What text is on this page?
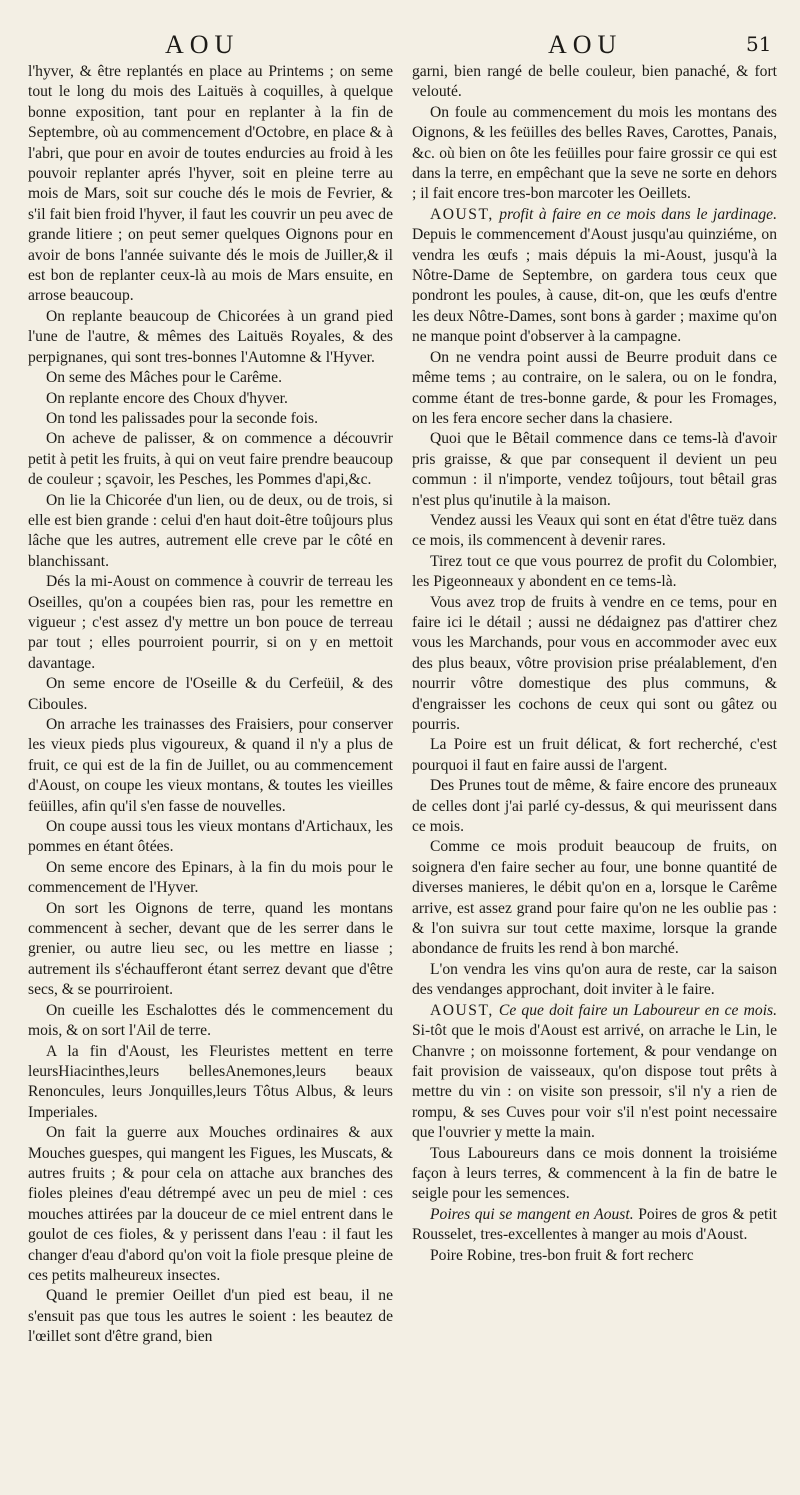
AOU	AOU	51

l'hyver, & être replantés en place au Printems ; on seme tout le long du mois des Laituës à coquilles, à quelque bonne exposition, tant pour en replanter à la fin de Septembre, où au commencement d'Octobre, en place & à l'abri, que pour en avoir de toutes endurcies au froid à les pouvoir replanter aprés l'hyver, soit en pleine terre au mois de Mars, soit sur couche dés le mois de Fevrier, & s'il fait bien froid l'hyver, il faut les couvrir un peu avec de grande litiere ; on peut semer quelques Oignons pour en avoir de bons l'année suivante dés le mois de Juiller,& il est bon de replanter ceux-là au mois de Mars ensuite, en arrose beaucoup.

On replante beaucoup de Chicorées à un grand pied l'une de l'autre, & mêmes des Laituës Royales, & des perpignanes, qui sont tres-bonnes l'Automne & l'Hyver.

On seme des Mâches pour le Carême.

On replante encore des Choux d'hyver.

On tond les palissades pour la seconde fois.

On acheve de palisser, & on commence a découvrir petit à petit les fruits, à qui on veut faire prendre beaucoup de couleur ; sçavoir, les Pesches, les Pommes d'api,&c.

On lie la Chicorée d'un lien, ou de deux, ou de trois, si elle est bien grande : celui d'en haut doit-être toûjours plus lâche que les autres, autrement elle creve par le côté en blanchissant.

Dés la mi-Aoust on commence à couvrir de terreau les Oseilles, qu'on a coupées bien ras, pour les remettre en vigueur ; c'est assez d'y mettre un bon pouce de terreau par tout ; elles pourroient pourrir, si on y en mettoit davantage.

On seme encore de l'Oseille & du Cerfeüil, & des Ciboules.

On arrache les trainasses des Fraisiers, pour conserver les vieux pieds plus vigoureux, & quand il n'y a plus de fruit, ce qui est de la fin de Juillet, ou au commencement d'Aoust, on coupe les vieux montans, & toutes les vieilles feüilles, afin qu'il s'en fasse de nouvelles.

On coupe aussi tous les vieux montans d'Artichaux, les pommes en étant ôtées.

On seme encore des Epinars, à la fin du mois pour le commencement de l'Hyver.

On sort les Oignons de terre, quand les montans commencent à secher, devant que de les serrer dans le grenier, ou autre lieu sec, ou les mettre en liasse ; autrement ils s'échaufferont étant serrez devant que d'être secs, & se pourriroient.

On cueille les Eschalottes dés le commencement du mois, & on sort l'Ail de terre.

A la fin d'Aoust, les Fleuristes mettent en terre leursHiacinthes,leurs bellesAnemones,leurs beaux Renoncules, leurs Jonquilles,leurs Tôtus Albus, & leurs Imperiales.

On fait la guerre aux Mouches ordinaires & aux Mouches guespes, qui mangent les Figues, les Muscats, & autres fruits ; & pour cela on attache aux branches des fioles pleines d'eau détrempé avec un peu de miel : ces mouches attirées par la douceur de ce miel entrent dans le goulot de ces fioles, & y perissent dans l'eau : il faut les changer d'eau d'abord qu'on voit la fiole presque pleine de ces petits malheureux insectes.

Quand le premier Oeillet d'un pied est beau, il ne s'ensuit pas que tous les autres le soient : les beautez de l'œillet sont d'être grand, bien

garni, bien rangé de belle couleur, bien panaché, & fort velouté.

On foule au commencement du mois les montans des Oignons, & les feüilles des belles Raves, Carottes, Panais, &c. où bien on ôte les feüilles pour faire grossir ce qui est dans la terre, en empêchant que la seve ne sorte en dehors ; il fait encore tres-bon marcoter les Oeillets.

AOUST, profit à faire en ce mois dans le jardinage. Depuis le commencement d'Aoust jusqu'au quinziéme, on vendra les œufs ; mais dépuis la mi-Aoust, jusqu'à la Nôtre-Dame de Septembre, on gardera tous ceux que pondront les poules, à cause, dit-on, que les œufs d'entre les deux Nôtre-Dames, sont bons à garder ; maxime qu'on ne manque point d'observer à la campagne.

On ne vendra point aussi de Beurre produit dans ce même tems ; au contraire, on le salera, ou on le fondra, comme étant de tres-bonne garde, & pour les Fromages, on les fera encore secher dans la chasiere.

Quoi que le Bêtail commence dans ce tems-là d'avoir pris graisse, & que par consequent il devient un peu commun : il n'importe, vendez toûjours, tout bêtail gras n'est plus qu'inutile à la maison.

Vendez aussi les Veaux qui sont en état d'être tuëz dans ce mois, ils commencent à devenir rares.

Tirez tout ce que vous pourrez de profit du Colombier, les Pigeonneaux y abondent en ce tems-là.

Vous avez trop de fruits à vendre en ce tems, pour en faire ici le détail ; aussi ne dédaignez pas d'attirer chez vous les Marchands, pour vous en accommoder avec eux des plus beaux, vôtre provision prise préalablement, d'en nourrir vôtre domestique des plus communs, & d'engraisser les cochons de ceux qui sont ou gâtez ou pourris.

La Poire est un fruit délicat, & fort recherché, c'est pourquoi il faut en faire aussi de l'argent.

Des Prunes tout de même, & faire encore des pruneaux de celles dont j'ai parlé cy-dessus, & qui meurissent dans ce mois.

Comme ce mois produit beaucoup de fruits, on soignera d'en faire secher au four, une bonne quantité de diverses manieres, le débit qu'on en a, lorsque le Carême arrive, est assez grand pour faire qu'on ne les oublie pas : & l'on suivra sur tout cette maxime, lorsque la grande abondance de fruits les rend à bon marché.

L'on vendra les vins qu'on aura de reste, car la saison des vendanges approchant, doit inviter à le faire.

AOUST, Ce que doit faire un Laboureur en ce mois. Si-tôt que le mois d'Aoust est arrivé, on arrache le Lin, le Chanvre ; on moissonne fortement, & pour vendange on fait provision de vaisseaux, qu'on dispose tout prêts à mettre du vin : on visite son pressoir, s'il n'y a rien de rompu, & ses Cuves pour voir s'il n'est point necessaire que l'ouvrier y mette la main.

Tous Laboureurs dans ce mois donnent la troisiéme façon à leurs terres, & commencent à la fin de batre le seigle pour les semences.

Poires qui se mangent en Aoust. Poires de gros & petit Rousselet, tres-excellentes à manger au mois d'Aoust.

Poire Robine, tres-bon fruit & fort recherc
